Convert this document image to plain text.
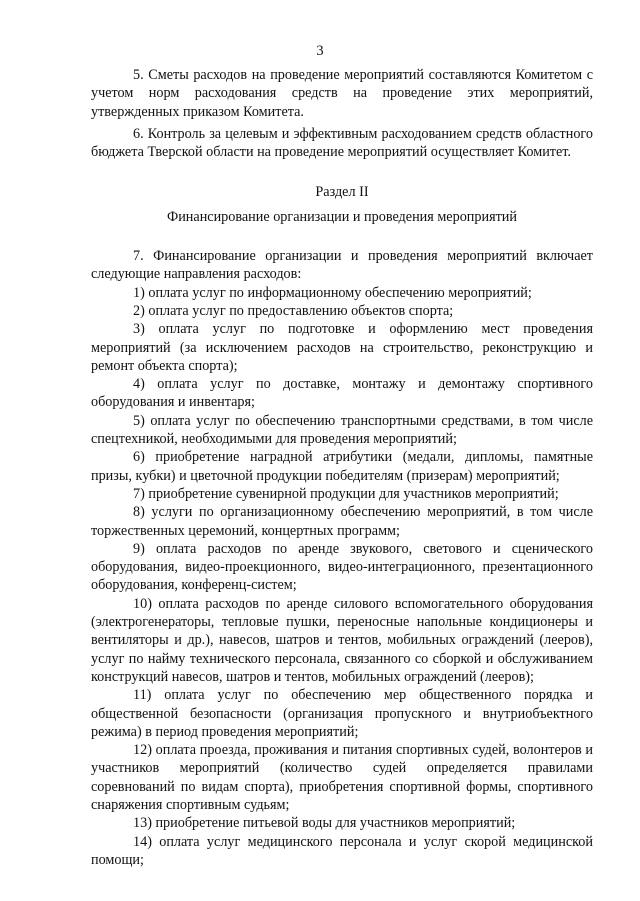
3

5. Сметы расходов на проведение мероприятий составляются Комитетом с учетом норм расходования средств на проведение этих мероприятий, утвержденных приказом Комитета.

6. Контроль за целевым и эффективным расходованием средств областного бюджета Тверской области на проведение мероприятий осуществляет Комитет.

Раздел II

Финансирование организации и проведения мероприятий

7. Финансирование организации и проведения мероприятий включает следующие направления расходов:

1) оплата услуг по информационному обеспечению мероприятий;

2) оплата услуг по предоставлению объектов спорта;

3) оплата услуг по подготовке и оформлению мест проведения мероприятий (за исключением расходов на строительство, реконструкцию и ремонт объекта спорта);

4) оплата услуг по доставке, монтажу и демонтажу спортивного оборудования и инвентаря;

5) оплата услуг по обеспечению транспортными средствами, в том числе спецтехникой, необходимыми для проведения мероприятий;

6) приобретение наградной атрибутики (медали, дипломы, памятные призы, кубки) и цветочной продукции победителям (призерам) мероприятий;

7) приобретение сувенирной продукции для участников мероприятий;

8) услуги по организационному обеспечению мероприятий, в том числе торжественных церемоний, концертных программ;

9) оплата расходов по аренде звукового, светового и сценического оборудования, видео-проекционного, видео-интеграционного, презентационного оборудования, конференц-систем;

10) оплата расходов по аренде силового вспомогательного оборудования (электрогенераторы, тепловые пушки, переносные напольные кондиционеры и вентиляторы и др.), навесов, шатров и тентов, мобильных ограждений (лееров), услуг по найму технического персонала, связанного со сборкой и обслуживанием конструкций навесов, шатров и тентов, мобильных ограждений (лееров);

11) оплата услуг по обеспечению мер общественного порядка и общественной безопасности (организация пропускного и внутриобъектного режима) в период проведения мероприятий;

12) оплата проезда, проживания и питания спортивных судей, волонтеров и участников мероприятий (количество судей определяется правилами соревнований по видам спорта), приобретения спортивной формы, спортивного снаряжения спортивным судьям;

13) приобретение питьевой воды для участников мероприятий;

14) оплата услуг медицинского персонала и услуг скорой медицинской помощи;
